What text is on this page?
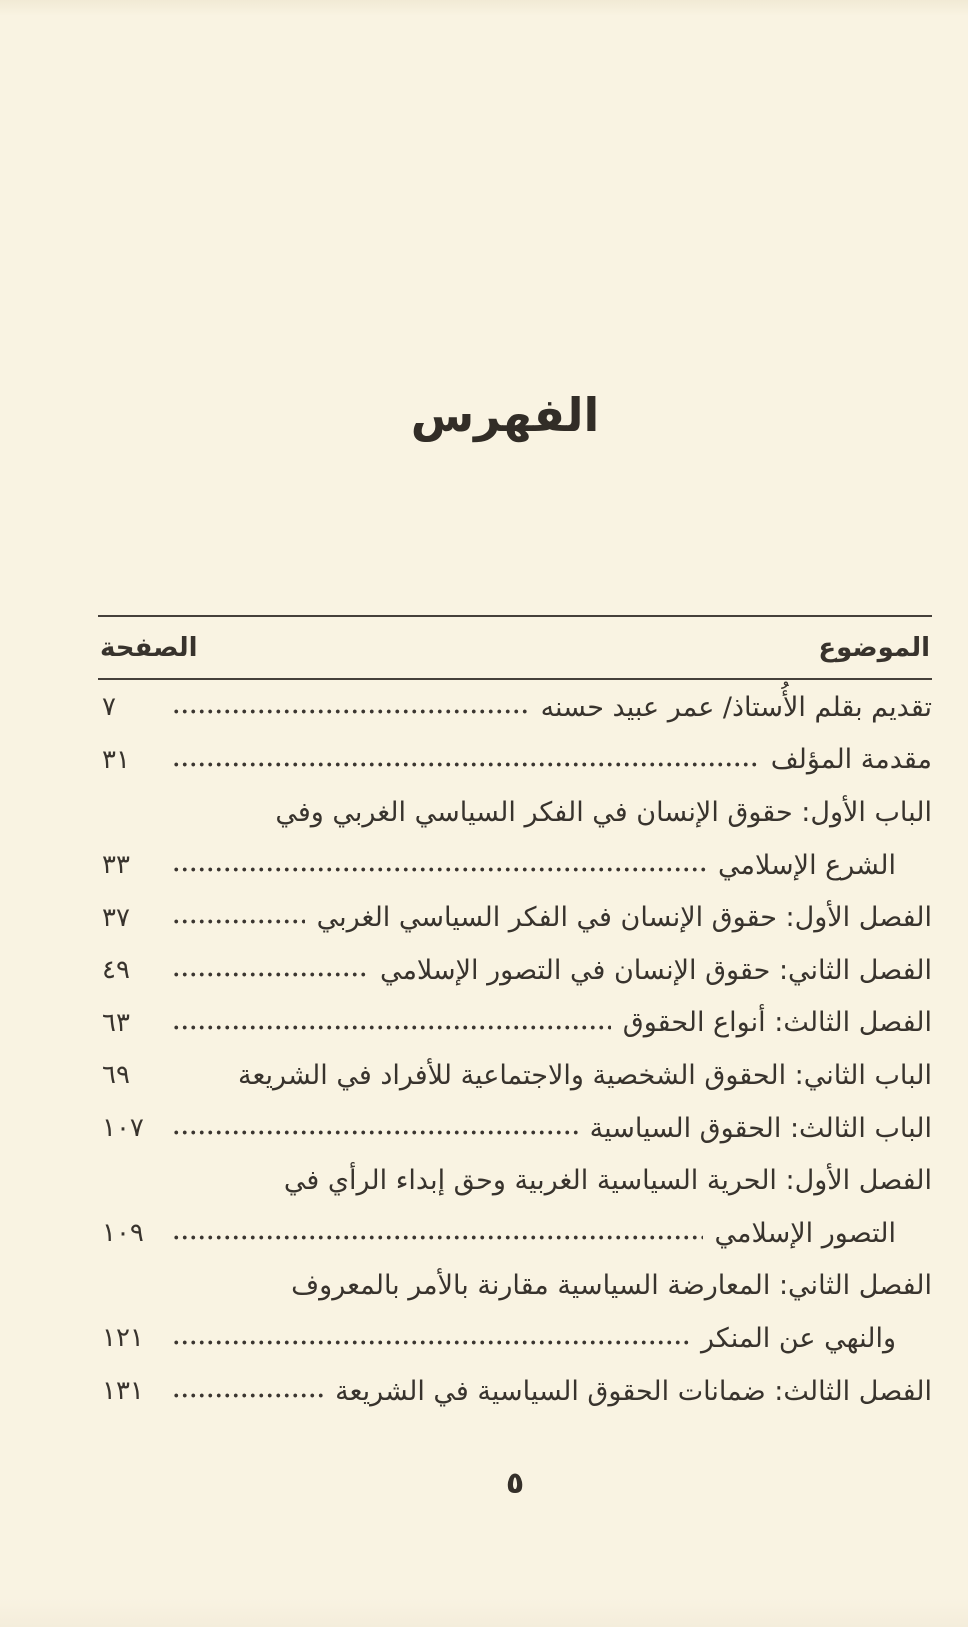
الفهرس
الموضوع
الصفحة
تقديم بقلم الأُستاذ/ عمر عبيد حسنه
٧
مقدمة المؤلف
٣١
الباب الأول: حقوق الإنسان في الفكر السياسي الغربي وفي
الشرع الإسلامي
٣٣
الفصل الأول: حقوق الإنسان في الفكر السياسي الغربي
٣٧
الفصل الثاني: حقوق الإنسان في التصور الإسلامي
٤٩
الفصل الثالث: أنواع الحقوق
٦٣
الباب الثاني: الحقوق الشخصية والاجتماعية للأفراد في الشريعة
٦٩
الباب الثالث: الحقوق السياسية
١٠٧
الفصل الأول: الحرية السياسية الغربية وحق إبداء الرأي في
التصور الإسلامي
١٠٩
الفصل الثاني: المعارضة السياسية مقارنة بالأمر بالمعروف
والنهي عن المنكر
١٢١
الفصل الثالث: ضمانات الحقوق السياسية في الشريعة
١٣١
٥
